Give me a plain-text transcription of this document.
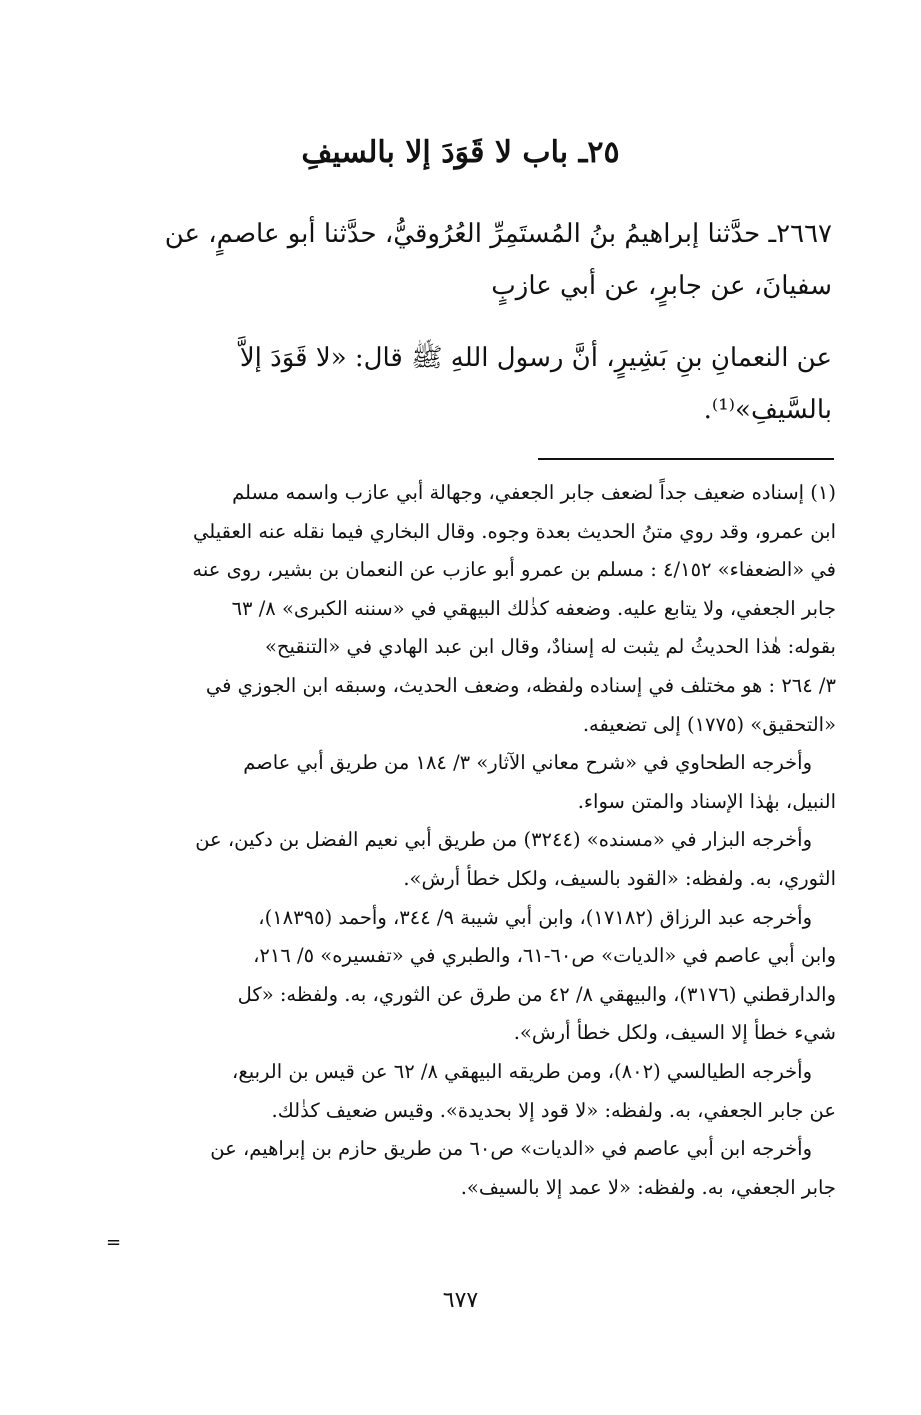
٢٥ـ باب لا قَوَدَ إلا بالسيفِ

٢٦٦٧ـ حدَّثنا إبراهيمُ بنُ المُستَمِرِّ العُرُوقيُّ، حدَّثنا أبو عاصمٍ، عن

سفيانَ، عن جابرٍ، عن أبي عازبٍ

عن النعمانِ بنِ بَشِيرٍ، أنَّ رسول اللهِ ﷺ قال: «لا قَوَدَ إلاَّ

بالسَّيفِ»⁽¹⁾.

(١) إسناده ضعيف جداً لضعف جابر الجعفي، وجهالة أبي عازب واسمه مسلم

ابن عمرو، وقد روي متنُ الحديث بعدة وجوه. وقال البخاري فيما نقله عنه العقيلي

في «الضعفاء» ٤/١٥٢ : مسلم بن عمرو أبو عازب عن النعمان بن بشير، روى عنه

جابر الجعفي، ولا يتابع عليه. وضعفه كذٰلك البيهقي في «سننه الكبرى» ٨/ ٦٣

بقوله: هٰذا الحديثُ لم يثبت له إسنادٌ، وقال ابن عبد الهادي في «التنقيح»

٣/ ٢٦٤ : هو مختلف في إسناده ولفظه، وضعف الحديث، وسبقه ابن الجوزي في

«التحقيق» (١٧٧٥) إلى تضعيفه.

وأخرجه الطحاوي في «شرح معاني الآثار» ٣/ ١٨٤ من طريق أبي عاصم

النبيل، بهٰذا الإسناد والمتن سواء.

وأخرجه البزار في «مسنده» (٣٢٤٤) من طريق أبي نعيم الفضل بن دكين، عن

الثوري، به. ولفظه: «القود بالسيف، ولكل خطأ أرش».

وأخرجه عبد الرزاق (١٧١٨٢)، وابن أبي شيبة ٩/ ٣٤٤، وأحمد (١٨٣٩٥)،

وابن أبي عاصم في «الديات» ص٦٠-٦١، والطبري في «تفسيره» ٥/ ٢١٦،

والدارقطني (٣١٧٦)، والبيهقي ٨/ ٤٢ من طرق عن الثوري، به. ولفظه: «كل

شيء خطأ إلا السيف، ولكل خطأ أرش».

وأخرجه الطيالسي (٨٠٢)، ومن طريقه البيهقي ٨/ ٦٢ عن قيس بن الربيع،

عن جابر الجعفي، به. ولفظه: «لا قود إلا بحديدة». وقيس ضعيف كذٰلك.

وأخرجه ابن أبي عاصم في «الديات» ص٦٠ من طريق حازم بن إبراهيم، عن

جابر الجعفي، به. ولفظه: «لا عمد إلا بالسيف».

=
٦٧٧
